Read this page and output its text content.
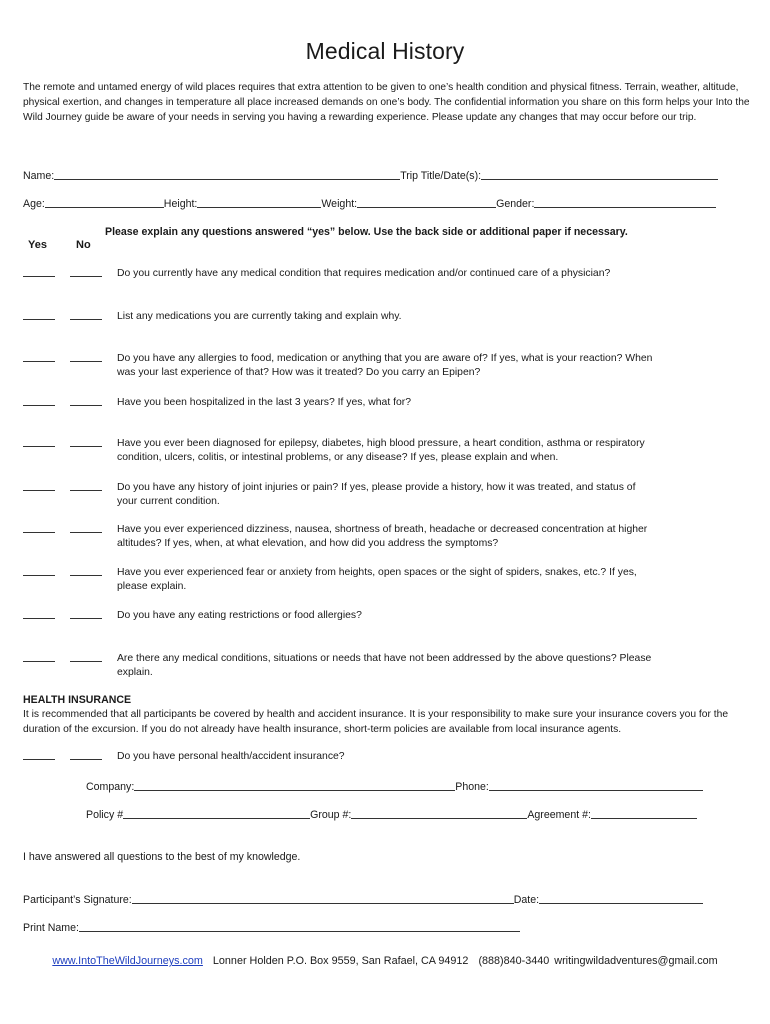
Medical History
The remote and untamed energy of wild places requires that extra attention to be given to one’s health condition and physical fitness. Terrain, weather, altitude, physical exertion, and changes in temperature all place increased demands on one’s body. The confidential information you share on this form helps your Into the Wild Journey guide be aware of your needs in serving you having a rewarding experience. Please update any changes that may occur before our trip.
Name:	Trip Title/Date(s):
Age:	Height:	Weight:	Gender:
Please explain any questions answered “yes” below. Use the back side or additional paper if necessary.
Yes	No
Do you currently have any medical condition that requires medication and/or continued care of a physician?
List any medications you are currently taking and explain why.
Do you have any allergies to food, medication or anything that you are aware of? If yes, what is your reaction? When was your last experience of that? How was it treated? Do you carry an Epipen?
Have you been hospitalized in the last 3 years? If yes, what for?
Have you ever been diagnosed for epilepsy, diabetes, high blood pressure, a heart condition, asthma or respiratory condition, ulcers, colitis, or intestinal problems, or any disease? If yes, please explain and when.
Do you have any history of joint injuries or pain? If yes, please provide a history, how it was treated, and status of your current condition.
Have you ever experienced dizziness, nausea, shortness of breath, headache or decreased concentration at higher altitudes? If yes, when, at what elevation, and how did you address the symptoms?
Have you ever experienced fear or anxiety from heights, open spaces or the sight of spiders, snakes, etc.? If yes, please explain.
Do you have any eating restrictions or food allergies?
Are there any medical conditions, situations or needs that have not been addressed by the above questions? Please explain.
HEALTH INSURANCE
It is recommended that all participants be covered by health and accident insurance. It is your responsibility to make sure your insurance covers you for the duration of the excursion. If you do not already have health insurance, short-term policies are available from local insurance agents.
Do you have personal health/accident insurance?
Company:	Phone:
Policy #	Group #:	Agreement #:
I have answered all questions to the best of my knowledge.
Participant’s Signature:	Date:
Print Name:
www.IntoTheWildJourneys.com Lonner Holden P.O. Box 9559, San Rafael, CA 94912 (888)840-3440 writingwildadventures@gmail.com
